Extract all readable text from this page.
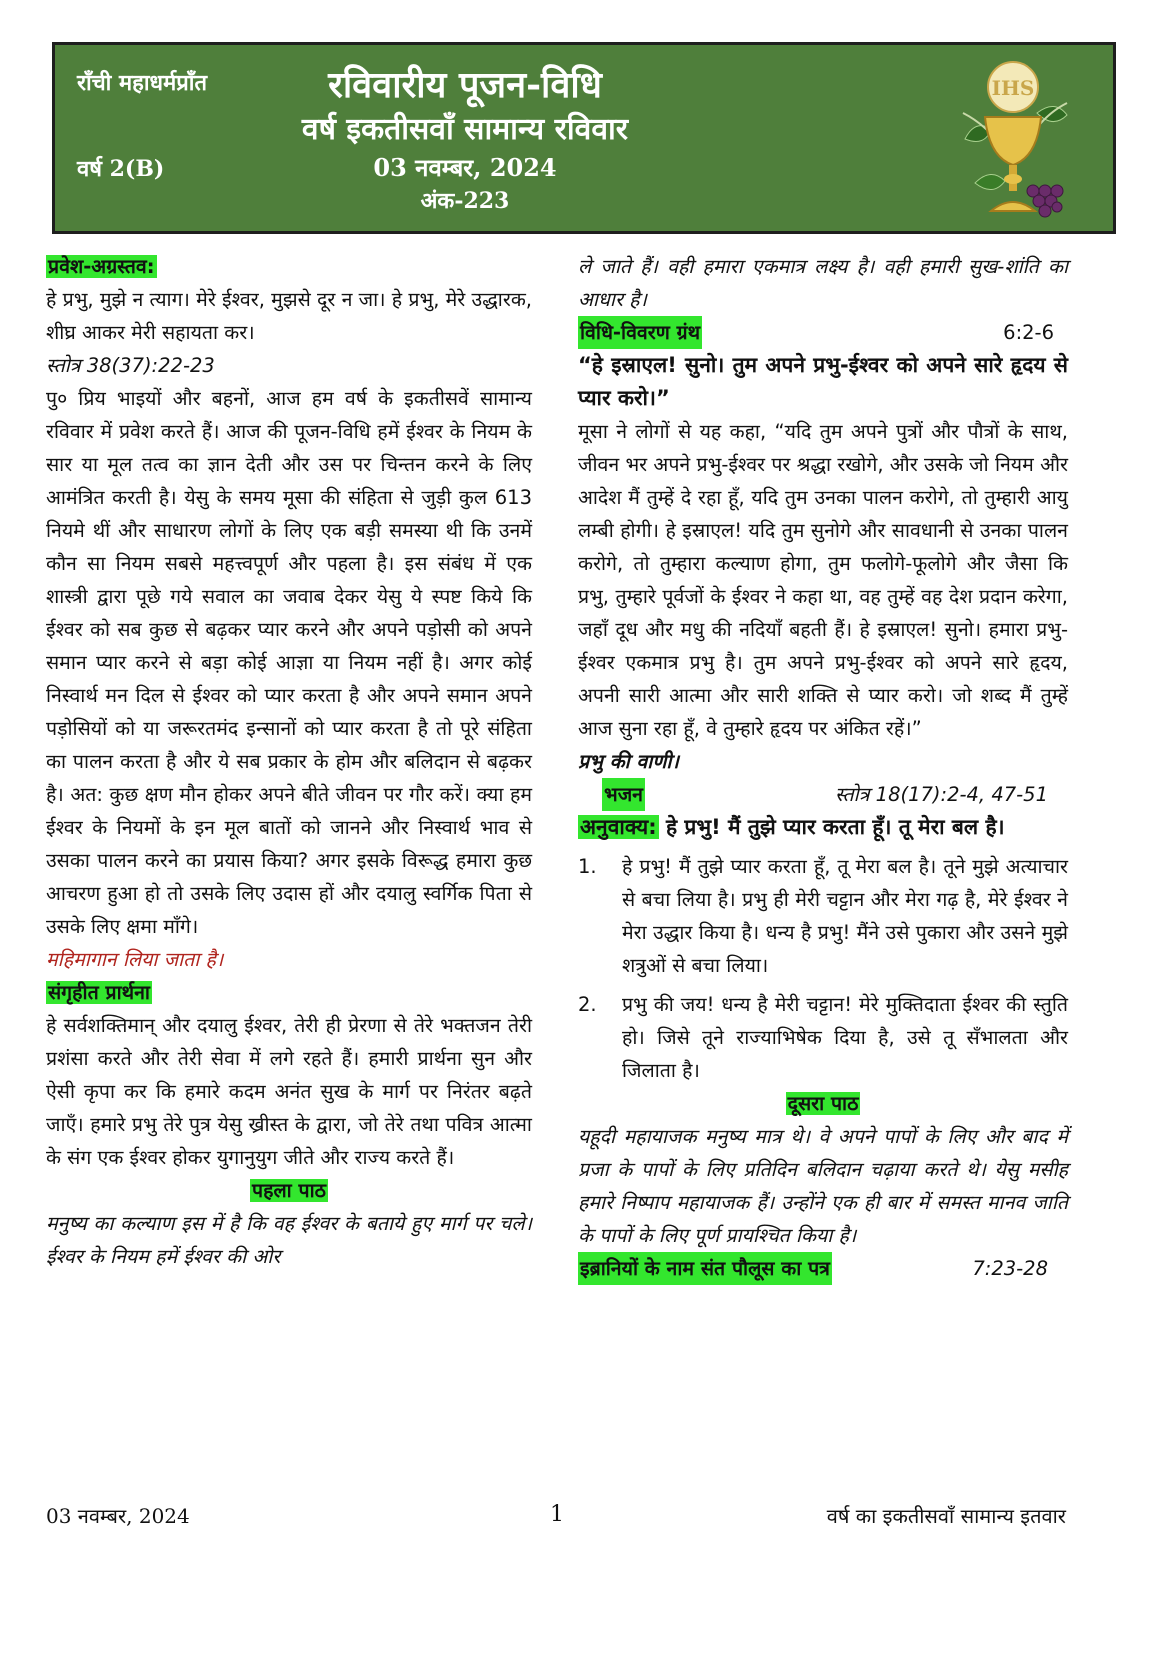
राँची महाधर्मप्राँत
वर्ष 2(B)
रविवारीय पूजन-विधि
वर्ष इकतीसवाँ सामान्य रविवार
03 नवम्बर, 2024
अंक-223
IHS
प्रवेश-अग्रस्तव:

हे प्रभु, मुझे न त्याग। मेरे ईश्वर, मुझसे दूर न जा। हे प्रभु, मेरे उद्धारक, शीघ्र आकर मेरी सहायता कर।

स्तोत्र 38(37):22-23

पु० प्रिय भाइयों और बहनों, आज हम वर्ष के इकतीसवें सामान्य रविवार में प्रवेश करते हैं। आज की पूजन-विधि हमें ईश्वर के नियम के सार या मूल तत्व का ज्ञान देती और उस पर चिन्तन करने के लिए आमंत्रित करती है। येसु के समय मूसा की संहिता से जुड़ी कुल 613 नियमे थीं और साधारण लोगों के लिए एक बड़ी समस्या थी कि उनमें कौन सा नियम सबसे महत्त्वपूर्ण और पहला है। इस संबंध में एक शास्त्री द्वारा पूछे गये सवाल का जवाब देकर येसु ये स्पष्ट किये कि ईश्वर को सब कुछ से बढ़कर प्यार करने और अपने पड़ोसी को अपने समान प्यार करने से बड़ा कोई आज्ञा या नियम नहीं है। अगर कोई निस्वार्थ मन दिल से ईश्वर को प्यार करता है और अपने समान अपने पड़ोसियों को या जरूरतमंद इन्सानों को प्यार करता है तो पूरे संहिता का पालन करता है और ये सब प्रकार के होम और बलिदान से बढ़कर है। अत: कुछ क्षण मौन होकर अपने बीते जीवन पर गौर करें। क्या हम ईश्वर के नियमों के इन मूल बातों को जानने और निस्वार्थ भाव से उसका पालन करने का प्रयास किया? अगर इसके विरूद्ध हमारा कुछ आचरण हुआ हो तो उसके लिए उदास हों और दयालु स्वर्गिक पिता से उसके लिए क्षमा माँगे।

महिमागान लिया जाता है।

संगृहीत प्रार्थना

हे सर्वशक्तिमान् और दयालु ईश्वर, तेरी ही प्रेरणा से तेरे भक्तजन तेरी प्रशंसा करते और तेरी सेवा में लगे रहते हैं। हमारी प्रार्थना सुन और ऐसी कृपा कर कि हमारे कदम अनंत सुख के मार्ग पर निरंतर बढ़ते जाएँ। हमारे प्रभु तेरे पुत्र येसु ख्रीस्त के द्वारा, जो तेरे तथा पवित्र आत्मा के संग एक ईश्वर होकर युगानुयुग जीते और राज्य करते हैं।

पहला पाठ

मनुष्य का कल्याण इस में है कि वह ईश्वर के बताये हुए मार्ग पर चले। ईश्वर के नियम हमें ईश्वर की ओर

ले जाते हैं। वही हमारा एकमात्र लक्ष्य है। वही हमारी सुख-शांति का आधार है।

विधि-विवरण ग्रंथ	6:2-6

“हे इस्राएल! सुनो। तुम अपने प्रभु-ईश्वर को अपने सारे हृदय से प्यार करो।”

मूसा ने लोगों से यह कहा, “यदि तुम अपने पुत्रों और पौत्रों के साथ, जीवन भर अपने प्रभु-ईश्वर पर श्रद्धा रखोगे, और उसके जो नियम और आदेश मैं तुम्हें दे रहा हूँ, यदि तुम उनका पालन करोगे, तो तुम्हारी आयु लम्बी होगी। हे इस्राएल! यदि तुम सुनोगे और सावधानी से उनका पालन करोगे, तो तुम्हारा कल्याण होगा, तुम फलोगे-फूलोगे और जैसा कि प्रभु, तुम्हारे पूर्वजों के ईश्वर ने कहा था, वह तुम्हें वह देश प्रदान करेगा, जहाँ दूध और मधु की नदियाँ बहती हैं। हे इस्राएल! सुनो। हमारा प्रभु-ईश्वर एकमात्र प्रभु है। तुम अपने प्रभु-ईश्वर को अपने सारे हृदय, अपनी सारी आत्मा और सारी शक्ति से प्यार करो। जो शब्द मैं तुम्हें आज सुना रहा हूँ, वे तुम्हारे हृदय पर अंकित रहें।”

प्रभु की वाणी।

भजन	स्तोत्र 18(17):2-4, 47-51

अनुवाक्य: हे प्रभु! मैं तुझे प्यार करता हूँ। तू मेरा बल है।

1.	हे प्रभु! मैं तुझे प्यार करता हूँ, तू मेरा बल है। तूने मुझे अत्याचार से बचा लिया है। प्रभु ही मेरी चट्टान और मेरा गढ़ है, मेरे ईश्वर ने मेरा उद्धार किया है। धन्य है प्रभु! मैंने उसे पुकारा और उसने मुझे शत्रुओं से बचा लिया।
2.	प्रभु की जय! धन्य है मेरी चट्टान! मेरे मुक्तिदाता ईश्वर की स्तुति हो। जिसे तूने राज्याभिषेक दिया है, उसे तू सँभालता और जिलाता है।
दूसरा पाठ

यहूदी महायाजक मनुष्य मात्र थे। वे अपने पापों के लिए और बाद में प्रजा के पापों के लिए प्रतिदिन बलिदान चढ़ाया करते थे। येसु मसीह हमारे निष्पाप महायाजक हैं। उन्होंने एक ही बार में समस्त मानव जाति के पापों के लिए पूर्ण प्रायश्चित किया है।

इब्रानियों के नाम संत पौलूस का पत्र	7:23-28
03 नवम्बर, 2024	1	वर्ष का इकतीसवाँ सामान्य इतवार
